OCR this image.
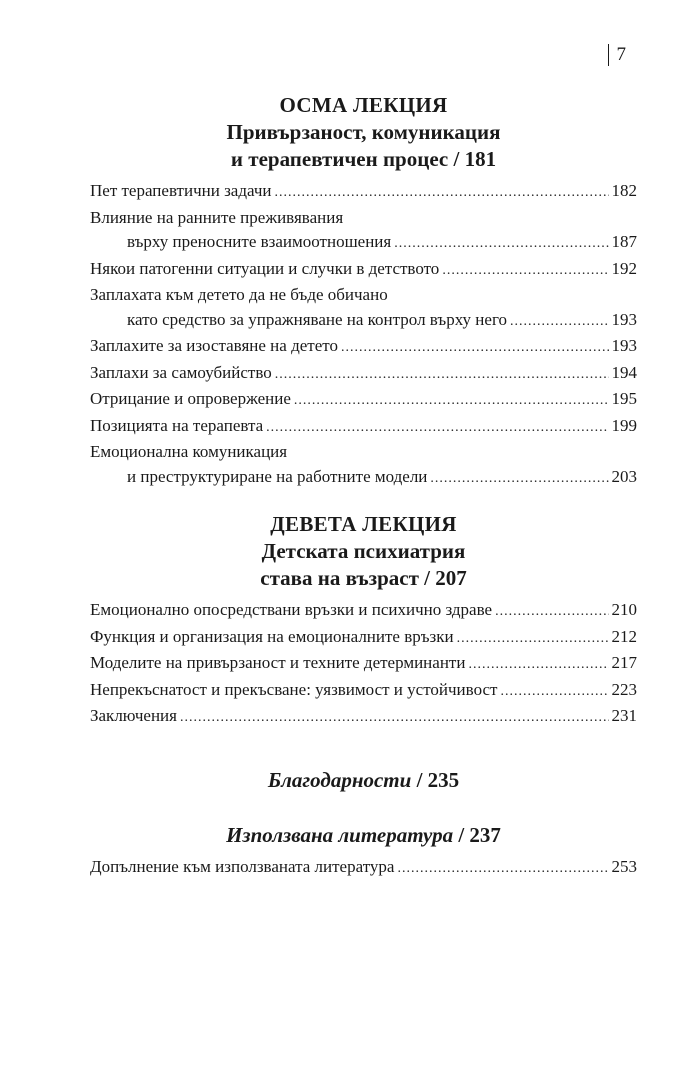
7
ОСМА ЛЕКЦИЯ
Привързаност, комуникация
и терапевтичен процес / 181
Пет терапевтични задачи .....	182
Влияние на ранните преживявания
върху преносните взаимоотношения .....	187
Някои патогенни ситуации и случки в детството .....	192
Заплахата към детето да не бъде обичано
като средство за упражняване на контрол върху него .....	193
Заплахите за изоставяне на детето .....	193
Заплахи за самоубийство .....	194
Отрицание и опровержение .....	195
Позицията на терапевта .....	199
Емоционална комуникация
и преструктуриране на работните модели .....	203
ДЕВЕТА ЛЕКЦИЯ
Детската психиатрия
става на възраст / 207
Емоционално опосредствани връзки и психично здраве .....	210
Функция и организация на емоционалните връзки .....	212
Моделите на привързаност и техните детерминанти .....	217
Непрекъснатост и прекъсване: уязвимост и устойчивост .....	223
Заключения .....	231
Благодарности / 235
Използвана литература / 237
Допълнение към използваната литература .....	253
